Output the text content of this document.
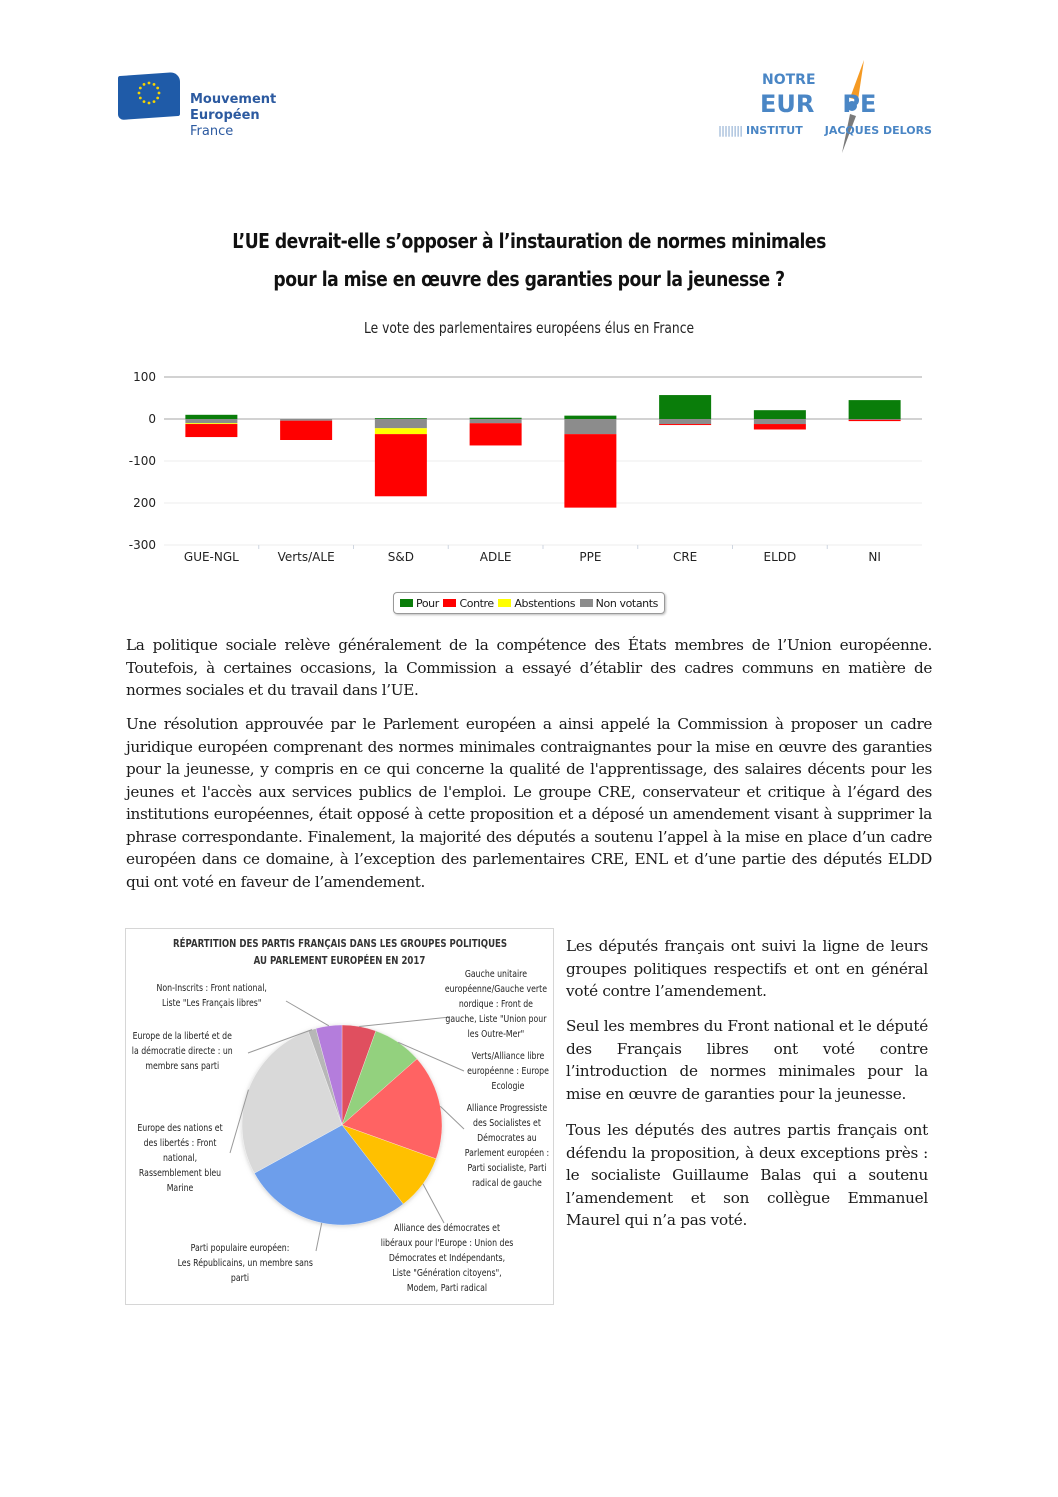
Mouvement
Européen
France
NOTRE
EUR PE
|||||||| INSTITUT JACQUES DELORS
L’UE devrait-elle s’opposer à l’instauration de normes minimales
pour la mise en œuvre des garanties pour la jeunesse ?
Le vote des parlementaires européens élus en France
100
0
-100
200
-300
GUE-NGL	Verts/ALE	S&D	ADLE	PPE	CRE	ELDD	NI
Pour Contre Abstentions Non votants

La politique sociale relève généralement de la compétence des États membres de l’Union européenne. Toutefois, à certaines occasions, la Commission a essayé d’établir des cadres communs en matière de normes sociales et du travail dans l’UE.

Une résolution approuvée par le Parlement européen a ainsi appelé la Commission à proposer un cadre juridique européen comprenant des normes minimales contraignantes pour la mise en œuvre des garanties pour la jeunesse, y compris en ce qui concerne la qualité de l'apprentissage, des salaires décents pour les jeunes et l'accès aux services publics de l'emploi. Le groupe CRE, conservateur et critique à l’égard des institutions européennes, était opposé à cette proposition et a déposé un amendement visant à supprimer la phrase correspondante. Finalement, la majorité des députés a soutenu l’appel à la mise en place d’un cadre européen dans ce domaine, à l’exception des parlementaires CRE, ENL et d’une partie des députés ELDD qui ont voté en faveur de l’amendement.

RÉPARTITION DES PARTIS FRANÇAIS DANS LES GROUPES POLITIQUES
AU PARLEMENT EUROPÉEN EN 2017
Gauche unitaire
européenne/Gauche verte
nordique : Front de
gauche, Liste "Union pour
les Outre-Mer"
Verts/Alliance libre
européenne : Europe
Ecologie
Alliance Progressiste
des Socialistes et
Démocrates au
Parlement européen :
Parti socialiste, Parti
radical de gauche
Alliance des démocrates et
libéraux pour l'Europe : Union des
Démocrates et Indépendants,
Liste "Génération citoyens",
Modem, Parti radical
Parti populaire européen:
Les Républicains, un membre sans
parti
Europe des nations et
des libertés : Front
national,
Rassemblement bleu
Marine
Europe de la liberté et de
la démocratie directe : un
membre sans parti
Non-Inscrits : Front national,
Liste "Les Français libres"

Les députés français ont suivi la ligne de leurs groupes politiques respectifs et ont en général voté contre l’amendement.

Seul les membres du Front national et le député des Français libres ont voté contre l’introduction de normes minimales pour la mise en œuvre de garanties pour la jeunesse.

Tous les députés des autres partis français ont défendu la proposition, à deux exceptions près : le socialiste Guillaume Balas qui a soutenu l’amendement et son collègue Emmanuel Maurel qui n’a pas voté.
